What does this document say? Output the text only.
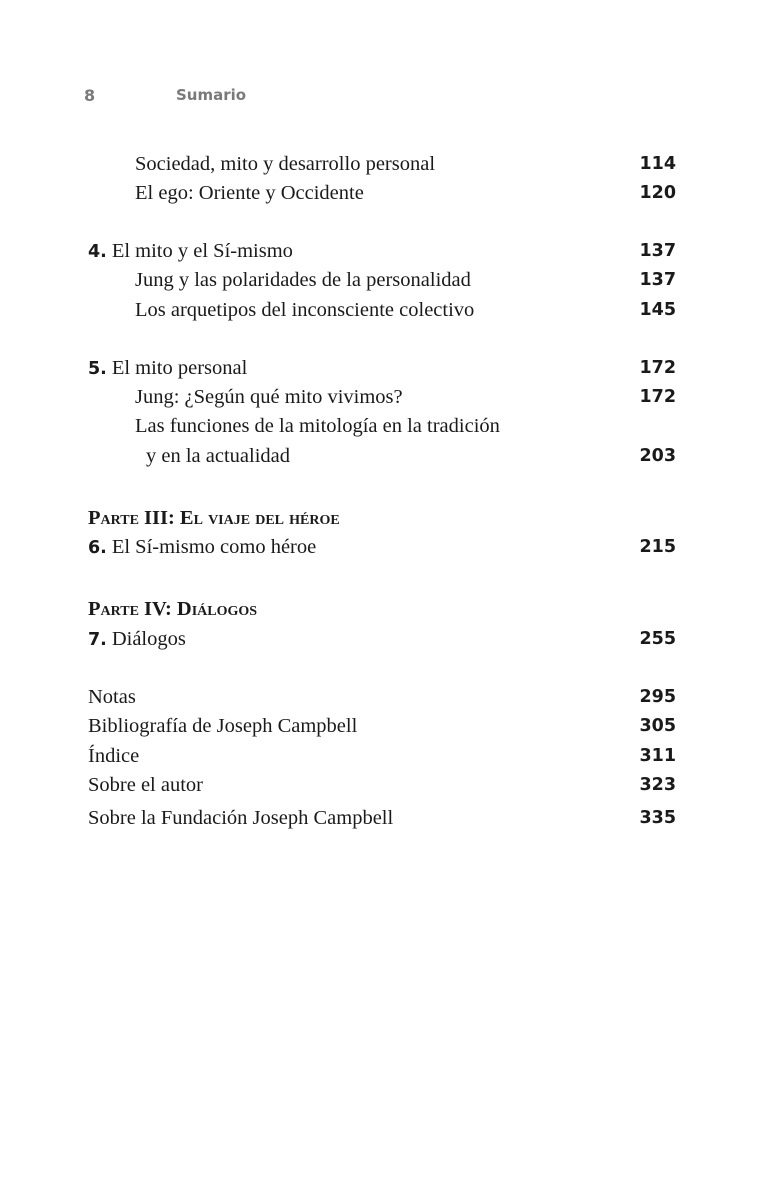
8	Sumario
Sociedad, mito y desarrollo personal	114
El ego: Oriente y Occidente	120
4. El mito y el Sí-mismo	137
Jung y las polaridades de la personalidad	137
Los arquetipos del inconsciente colectivo	145
5. El mito personal	172
Jung: ¿Según qué mito vivimos?	172
Las funciones de la mitología en la tradición
y en la actualidad	203
Parte III: El viaje del héroe
6. El Sí-mismo como héroe	215
Parte IV: Diálogos
7. Diálogos	255
Notas	295
Bibliografía de Joseph Campbell	305
Índice	311
Sobre el autor	323
Sobre la Fundación Joseph Campbell	335
